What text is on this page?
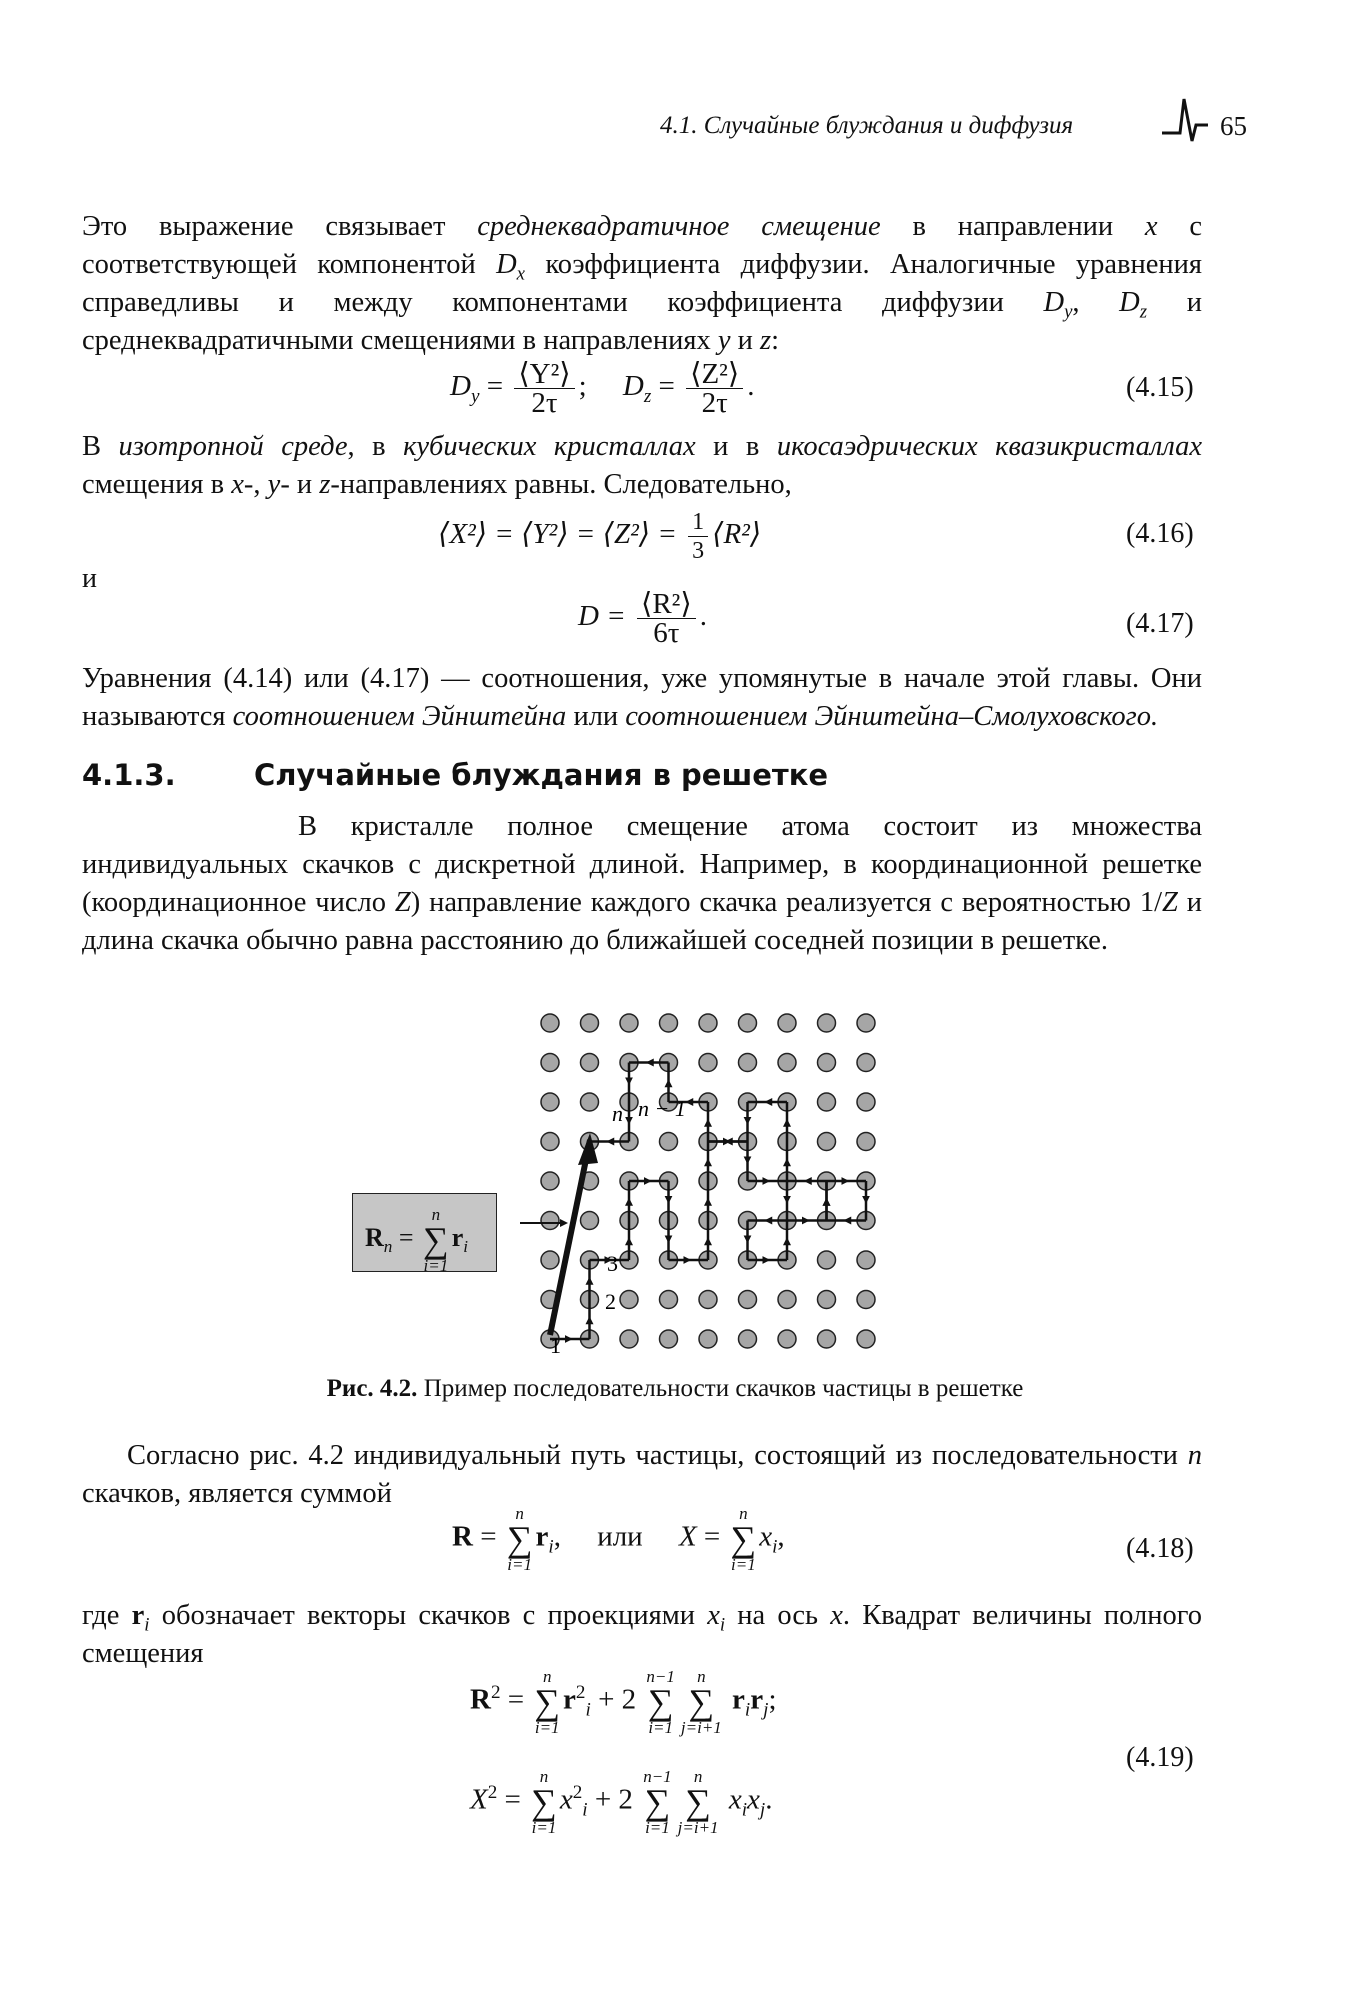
4.1. Случайные блуждания и диффузия	65

Это выражение связывает среднеквадратичное смещение в направлении x с соответствующей компонентой $D_x$ коэффициента диффузии. Аналогичные уравнения справедливы и между компонентами коэффициента диффузии $D_y$, $D_z$ и среднеквадратичными смещениями в направлениях y и z:

$D_y = \frac{\text{⟨Y²⟩}}{2\tau}$ ; $D_z = \frac{\text{⟨Z²⟩}}{2\tau}$ .	(4.15)

В изотропной среде, в кубических кристаллах и в икосаэдрических квазикристаллах смещения в x-, y- и z-направлениях равны. Следовательно,

⟨X²⟩ = ⟨Y²⟩ = ⟨Z²⟩ = $\frac{1}{3}$ ⟨R²⟩	(4.16)
и
$D = \frac{\text{⟨R²⟩}}{6\tau}$ .	(4.17)

Уравнения (4.14) или (4.17) — соотношения, уже упомянутые в начале этой главы. Они называются соотношением Эйнштейна или соотношением Эйнштейна–Смолуховского.

4.1.3.	Случайные блуждания в решетке

В кристалле полное смещение атома состоит из множества индивидуальных скачков с дискретной длиной. Например, в координационной решетке (координационное число Z) направление каждого скачка реализуется с вероятностью 1/Z и длина скачка обычно равна расстоянию до ближайшей соседней позиции в решетке.

n n − 1
1
2
3
$R_n$ =
n
∑
i=1
$r_i$
Рис. 4.2. Пример последовательности скачков частицы в решетке

Согласно рис. 4.2 индивидуальный путь частицы, состоящий из последовательности n скачков, является суммой

R =
n
∑
i=1
$r_i$, или X =
n
∑
i=1
$x_i$,	(4.18)

где $r_i$ обозначает векторы скачков с проекциями $x_i$ на ось x. Квадрат величины полного смещения

$R^2$ =
n
∑
i=1
$r^2_i + 2$
n−1
∑
i=1
n
∑
j=i+1
$r_ir_j$;
$X^2$ =
n
∑
i=1
$x^2_i + 2$
n−1
∑
i=1
n
∑
j=i+1
$x_ix_j$.
(4.19)
